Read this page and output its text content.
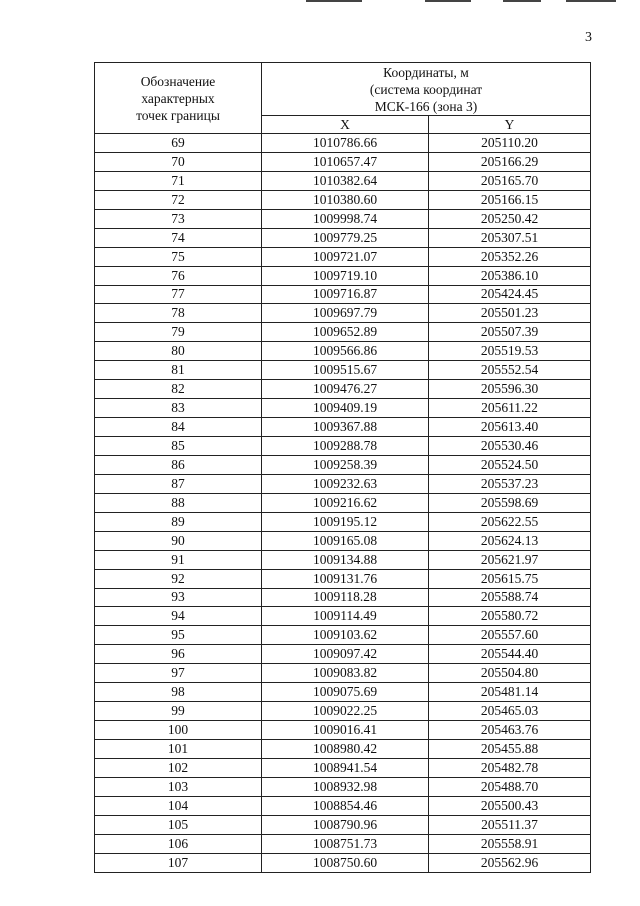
3
Обозначение
характерных
точек границы	Координаты, м
(система координат
МСК-166 (зона 3)	

	X	Y
69	1010786.66	205110.20
70	1010657.47	205166.29
71	1010382.64	205165.70
72	1010380.60	205166.15
73	1009998.74	205250.42
74	1009779.25	205307.51
75	1009721.07	205352.26
76	1009719.10	205386.10
77	1009716.87	205424.45
78	1009697.79	205501.23
79	1009652.89	205507.39
80	1009566.86	205519.53
81	1009515.67	205552.54
82	1009476.27	205596.30
83	1009409.19	205611.22
84	1009367.88	205613.40
85	1009288.78	205530.46
86	1009258.39	205524.50
87	1009232.63	205537.23
88	1009216.62	205598.69
89	1009195.12	205622.55
90	1009165.08	205624.13
91	1009134.88	205621.97
92	1009131.76	205615.75
93	1009118.28	205588.74
94	1009114.49	205580.72
95	1009103.62	205557.60
96	1009097.42	205544.40
97	1009083.82	205504.80
98	1009075.69	205481.14
99	1009022.25	205465.03
100	1009016.41	205463.76
101	1008980.42	205455.88
102	1008941.54	205482.78
103	1008932.98	205488.70
104	1008854.46	205500.43
105	1008790.96	205511.37
106	1008751.73	205558.91
107	1008750.60	205562.96
